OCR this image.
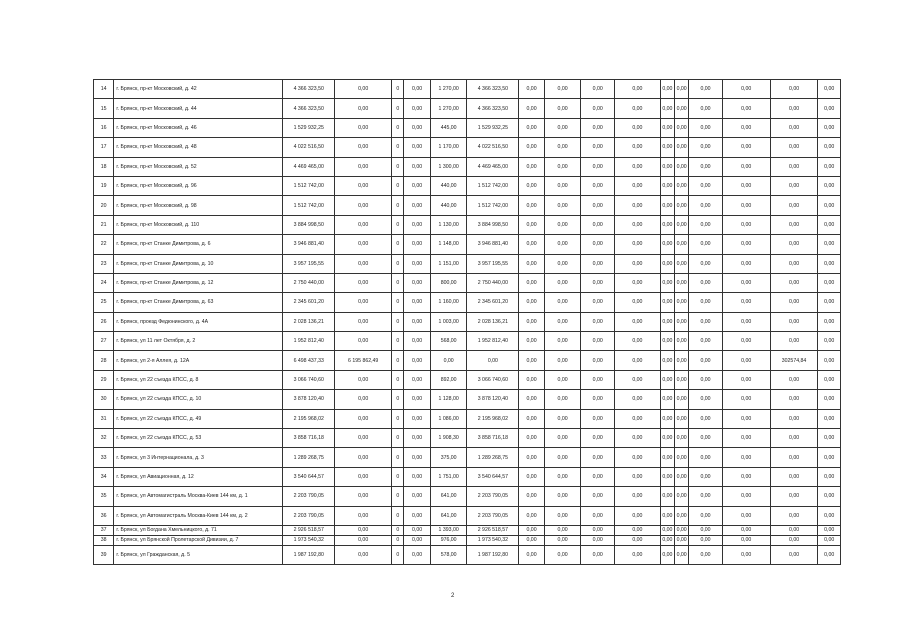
14	г. Брянск, пр-кт Московский, д. 42	4 366 323,50	0,00	0	0,00	1 270,00	4 366 323,50	0,00	0,00	0,00	0,00	0,00	0,00	0,00	0,00	0,00	0,00
15	г. Брянск, пр-кт Московский, д. 44	4 366 323,50	0,00	0	0,00	1 270,00	4 366 323,50	0,00	0,00	0,00	0,00	0,00	0,00	0,00	0,00	0,00	0,00
16	г. Брянск, пр-кт Московский, д. 46	1 529 932,25	0,00	0	0,00	445,00	1 529 932,25	0,00	0,00	0,00	0,00	0,00	0,00	0,00	0,00	0,00	0,00
17	г. Брянск, пр-кт Московский, д. 48	4 022 516,50	0,00	0	0,00	1 170,00	4 022 516,50	0,00	0,00	0,00	0,00	0,00	0,00	0,00	0,00	0,00	0,00
18	г. Брянск, пр-кт Московский, д. 52	4 469 465,00	0,00	0	0,00	1 300,00	4 469 465,00	0,00	0,00	0,00	0,00	0,00	0,00	0,00	0,00	0,00	0,00
19	г. Брянск, пр-кт Московский, д. 96	1 512 742,00	0,00	0	0,00	440,00	1 512 742,00	0,00	0,00	0,00	0,00	0,00	0,00	0,00	0,00	0,00	0,00
20	г. Брянск, пр-кт Московский, д. 98	1 512 742,00	0,00	0	0,00	440,00	1 512 742,00	0,00	0,00	0,00	0,00	0,00	0,00	0,00	0,00	0,00	0,00
21	г. Брянск, пр-кт Московский, д. 110	3 884 998,50	0,00	0	0,00	1 130,00	3 884 998,50	0,00	0,00	0,00	0,00	0,00	0,00	0,00	0,00	0,00	0,00
22	г. Брянск, пр-кт Станке Димитрова, д. 6	3 946 881,40	0,00	0	0,00	1 148,00	3 946 881,40	0,00	0,00	0,00	0,00	0,00	0,00	0,00	0,00	0,00	0,00
23	г. Брянск, пр-кт Станке Димитрова, д. 10	3 957 195,55	0,00	0	0,00	1 151,00	3 957 195,55	0,00	0,00	0,00	0,00	0,00	0,00	0,00	0,00	0,00	0,00
24	г. Брянск, пр-кт Станке Димитрова, д. 12	2 750 440,00	0,00	0	0,00	800,00	2 750 440,00	0,00	0,00	0,00	0,00	0,00	0,00	0,00	0,00	0,00	0,00
25	г. Брянск, пр-кт Станке Димитрова, д. 63	2 345 601,20	0,00	0	0,00	1 160,00	2 345 601,20	0,00	0,00	0,00	0,00	0,00	0,00	0,00	0,00	0,00	0,00
26	г. Брянск, проезд Федюнинского, д. 4А	2 028 136,21	0,00	0	0,00	1 003,00	2 028 136,21	0,00	0,00	0,00	0,00	0,00	0,00	0,00	0,00	0,00	0,00
27	г. Брянск, ул 11 лет Октября, д. 2	1 952 812,40	0,00	0	0,00	568,00	1 952 812,40	0,00	0,00	0,00	0,00	0,00	0,00	0,00	0,00	0,00	0,00
28	г. Брянск, ул 2-я Аллея, д. 12А	6 498 437,33	6 195 862,49	0	0,00	0,00	0,00	0,00	0,00	0,00	0,00	0,00	0,00	0,00	0,00	302574,84	0,00
29	г. Брянск, ул 22 съезда КПСС, д. 8	3 066 740,60	0,00	0	0,00	892,00	3 066 740,60	0,00	0,00	0,00	0,00	0,00	0,00	0,00	0,00	0,00	0,00
30	г. Брянск, ул 22 съезда КПСС, д. 10	3 878 120,40	0,00	0	0,00	1 128,00	3 878 120,40	0,00	0,00	0,00	0,00	0,00	0,00	0,00	0,00	0,00	0,00
31	г. Брянск, ул 22 съезда КПСС, д. 49	2 195 968,02	0,00	0	0,00	1 086,00	2 195 968,02	0,00	0,00	0,00	0,00	0,00	0,00	0,00	0,00	0,00	0,00
32	г. Брянск, ул 22 съезда КПСС, д. 53	3 858 716,18	0,00	0	0,00	1 908,30	3 858 716,18	0,00	0,00	0,00	0,00	0,00	0,00	0,00	0,00	0,00	0,00
33	г. Брянск, ул 3 Интернационала, д. 3	1 289 268,75	0,00	0	0,00	375,00	1 289 268,75	0,00	0,00	0,00	0,00	0,00	0,00	0,00	0,00	0,00	0,00
34	г. Брянск, ул Авиационная, д. 12	3 540 644,57	0,00	0	0,00	1 751,00	3 540 644,57	0,00	0,00	0,00	0,00	0,00	0,00	0,00	0,00	0,00	0,00
35	г. Брянск, ул Автомагистраль Москва-Киев 144 км, д. 1	2 203 790,05	0,00	0	0,00	641,00	2 203 790,05	0,00	0,00	0,00	0,00	0,00	0,00	0,00	0,00	0,00	0,00
36	г. Брянск, ул Автомагистраль Москва-Киев 144 км, д. 2	2 203 790,05	0,00	0	0,00	641,00	2 203 790,05	0,00	0,00	0,00	0,00	0,00	0,00	0,00	0,00	0,00	0,00
37	г. Брянск, ул Богдана Хмельницкого, д. 71	2 926 518,57	0,00	0	0,00	1 393,00	2 926 518,57	0,00	0,00	0,00	0,00	0,00	0,00	0,00	0,00	0,00	0,00
38	г. Брянск, ул Брянской Пролетарской Дивизии, д. 7	1 973 540,32	0,00	0	0,00	976,00	1 973 540,32	0,00	0,00	0,00	0,00	0,00	0,00	0,00	0,00	0,00	0,00
39	г. Брянск, ул Гражданская, д. 5	1 987 192,80	0,00	0	0,00	578,00	1 987 192,80	0,00	0,00	0,00	0,00	0,00	0,00	0,00	0,00	0,00	0,00
2
